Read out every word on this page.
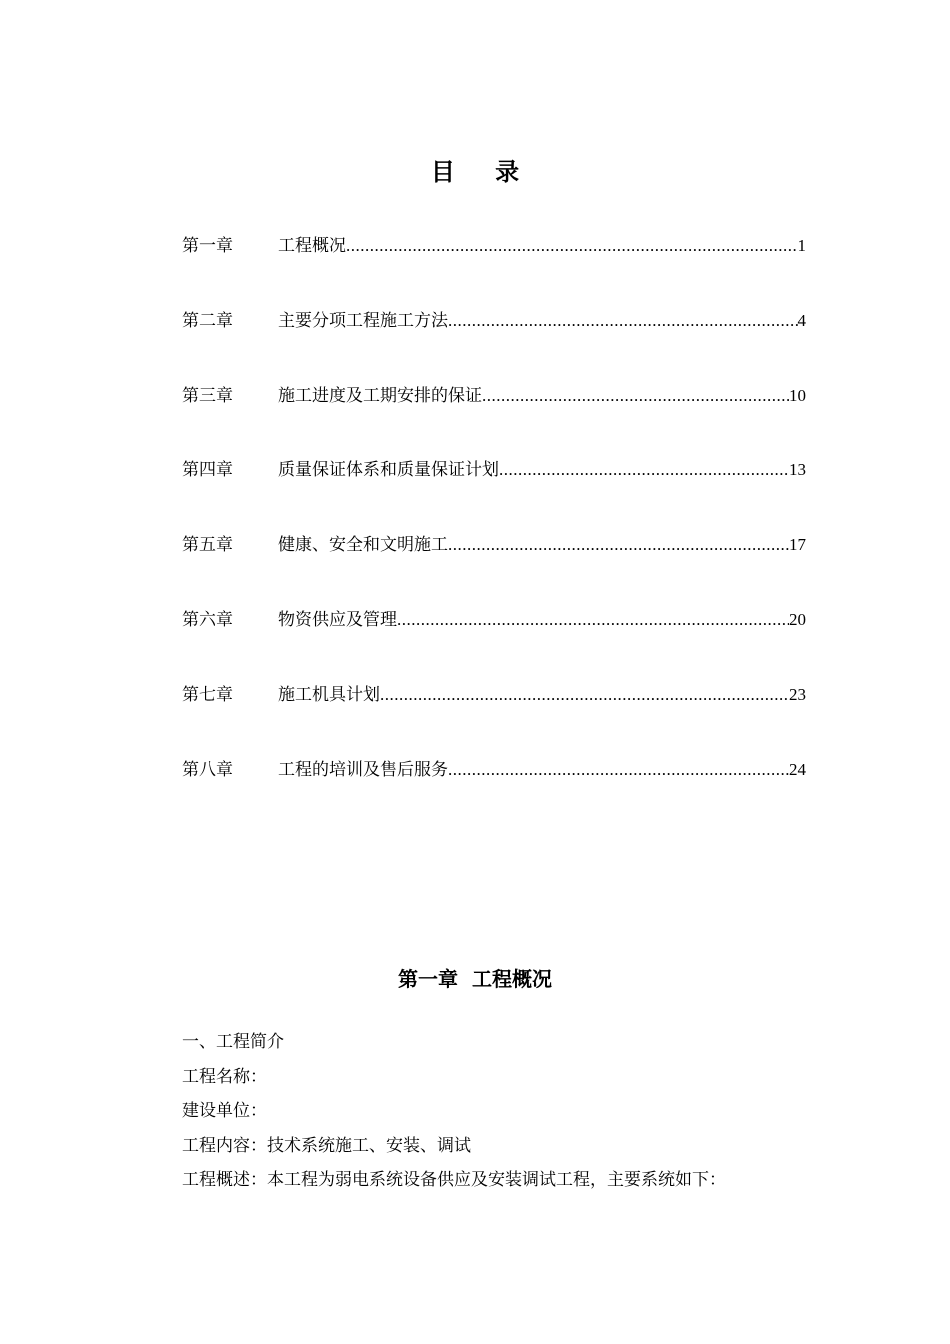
目 录
第一章	工程概况 .....	1
第二章	主要分项工程施工方法 .....	4
第三章	施工进度及工期安排的保证 .....	10
第四章	质量保证体系和质量保证计划 .....	13
第五章	健康、安全和文明施工 .....	17
第六章	物资供应及管理 .....	20
第七章	施工机具计划 .....	23
第八章	工程的培训及售后服务 .....	24
第一章  工程概况
一、工程简介
工程名称：
建设单位：
工程内容：技术系统施工、安装、调试
工程概述：本工程为弱电系统设备供应及安装调试工程，主要系统如下：
